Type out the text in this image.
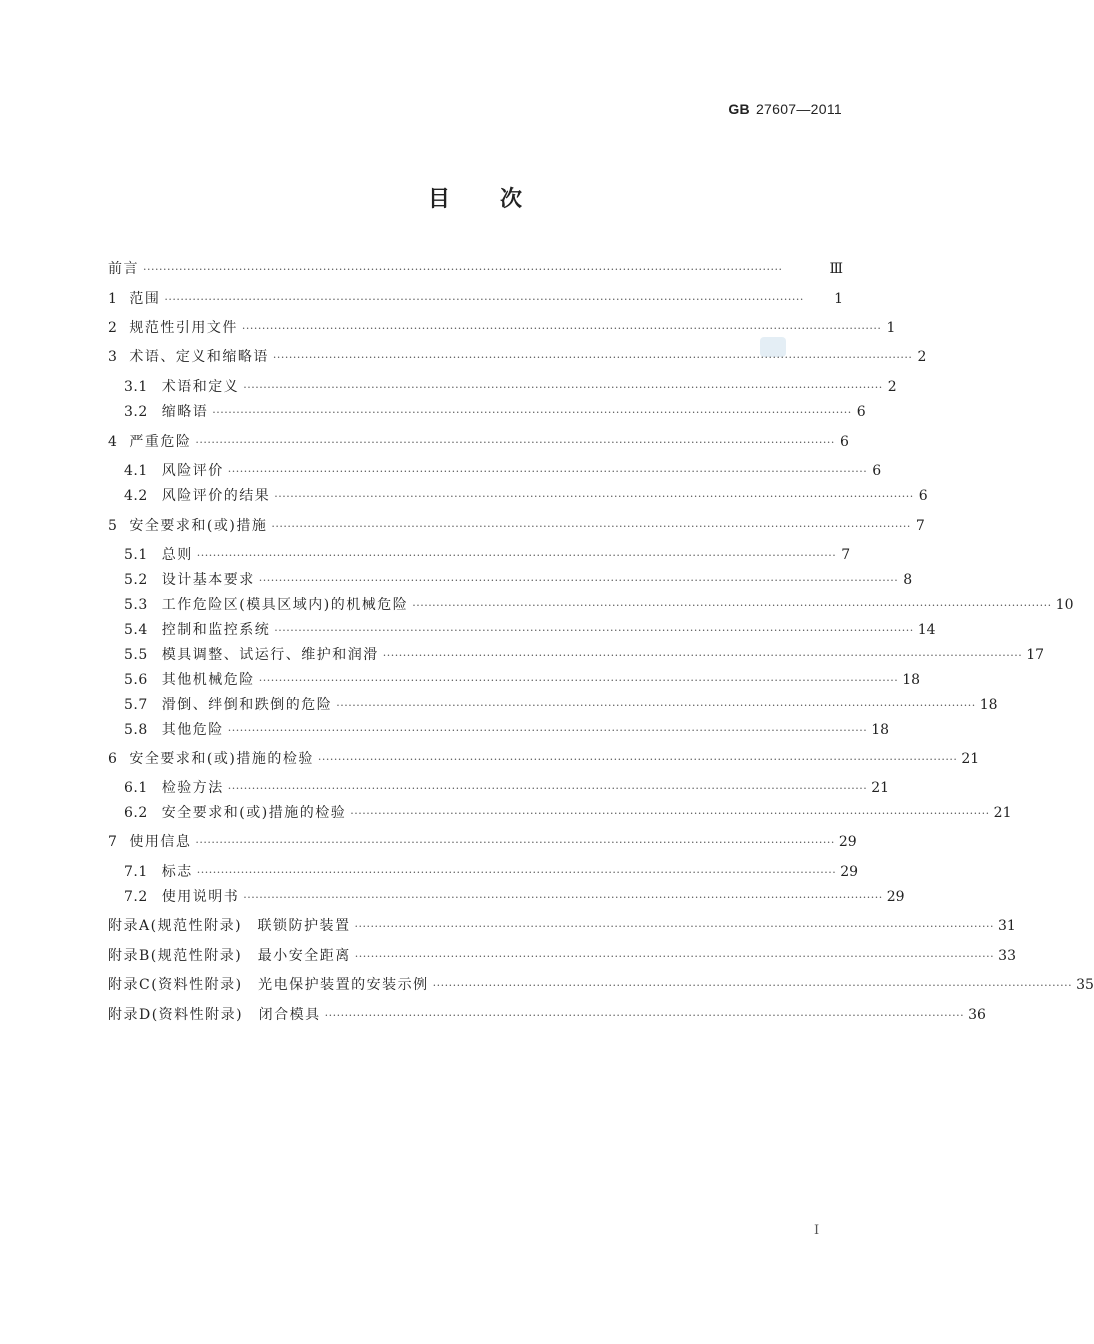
GB 27607—2011
目 次
前言 ································································································································································	Ⅲ
1 范围 ································································································································································	1
2 规范性引用文件 ································································································································································ 1
3 术语、定义和缩略语 ································································································································································ 2
3.1 术语和定义 ································································································································································ 2
3.2 缩略语 ································································································································································ 6
4 严重危险 ································································································································································ 6
4.1 风险评价 ································································································································································ 6
4.2 风险评价的结果 ································································································································································ 6
5 安全要求和(或)措施 ································································································································································ 7
5.1 总则 ································································································································································ 7
5.2 设计基本要求 ································································································································································ 8
5.3 工作危险区(模具区域内)的机械危险 ································································································································································ 10
5.4 控制和监控系统 ································································································································································ 14
5.5 模具调整、试运行、维护和润滑 ································································································································································ 17
5.6 其他机械危险 ································································································································································ 18
5.7 滑倒、绊倒和跌倒的危险 ································································································································································ 18
5.8 其他危险 ································································································································································ 18
6 安全要求和(或)措施的检验 ································································································································································ 21
6.1 检验方法 ································································································································································ 21
6.2 安全要求和(或)措施的检验 ································································································································································ 21
7 使用信息 ································································································································································ 29
7.1 标志 ································································································································································ 29
7.2 使用说明书 ································································································································································ 29
附录A(规范性附录)　联锁防护装置 ································································································································································ 31
附录B(规范性附录)　最小安全距离 ································································································································································ 33
附录C(资料性附录)　光电保护装置的安装示例 ································································································································································ 35
附录D(资料性附录)　闭合模具 ································································································································································ 36
I
